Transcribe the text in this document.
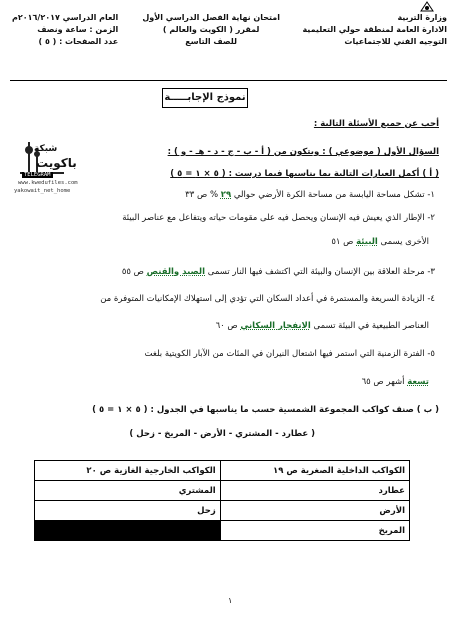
وزارة التربية
الادارة العامة لمنطقة حولي التعليمية
التوجيه الفني للاجتماعيات
امتحان نهاية الفصل الدراسي الأول
لمقرر ( الكويت والعالم )
للصف التاسع
العام الدراسي ٢٠١٦/٢٠١٧م
الزمن : ساعة ونصف
عدد الصفحات : ( ٥ )
نموذج الإجابـــــة
شبكة
باكويت
TELEGRAM
www.kwedufiles.com
yakowait_net_home
أجب عن جميع الأسئلة التالية :
السؤال الأول ( موضوعي ) : ويتكون من ( أ - ب - ج - د - هـ - و ) :
( أ ) أكمل العبارات التالية بما يناسبها فيما درست : ( ٥ × ١ = ٥ )
١- تشكل مساحة اليابسة من مساحة الكرة الأرضي حوالي ٢٩ % ص ٣٣
٢- الإطار الذي يعيش فيه الإنسان ويحصل فيه على مقومات حياته ويتفاعل مع عناصر البيئة
الأخرى يسمى البيئة ص ٥١
٣- مرحلة العلاقة بين الإنسان والبيئة التي اكتشف فيها النار تسمى الصيد والقنص ص ٥٥
٤- الزيادة السريعة والمستمرة في أعداد السكان التي تؤدي إلى استهلاك الإمكانيات المتوفرة من
العناصر الطبيعية في البيئة تسمى الانفجار السكاني ص ٦٠
٥- الفترة الزمنية التي استمر فيها اشتعال النيران في المئات من الآبار الكويتية بلغت
تسعة أشهر ص ٦٥
( ب ) صنف كواكب المجموعة الشمسية حسب ما يناسبها في الجدول : ( ٥ × ١ = ٥ )
( عطارد - المشتري - الأرض - المريخ - زحل )
الكواكب الداخلية الصغرية ص ١٩	الكواكب الخارجية الغازية ص ٢٠
عطارد	المشتري
الأرض	زحل
المريخ	
١
